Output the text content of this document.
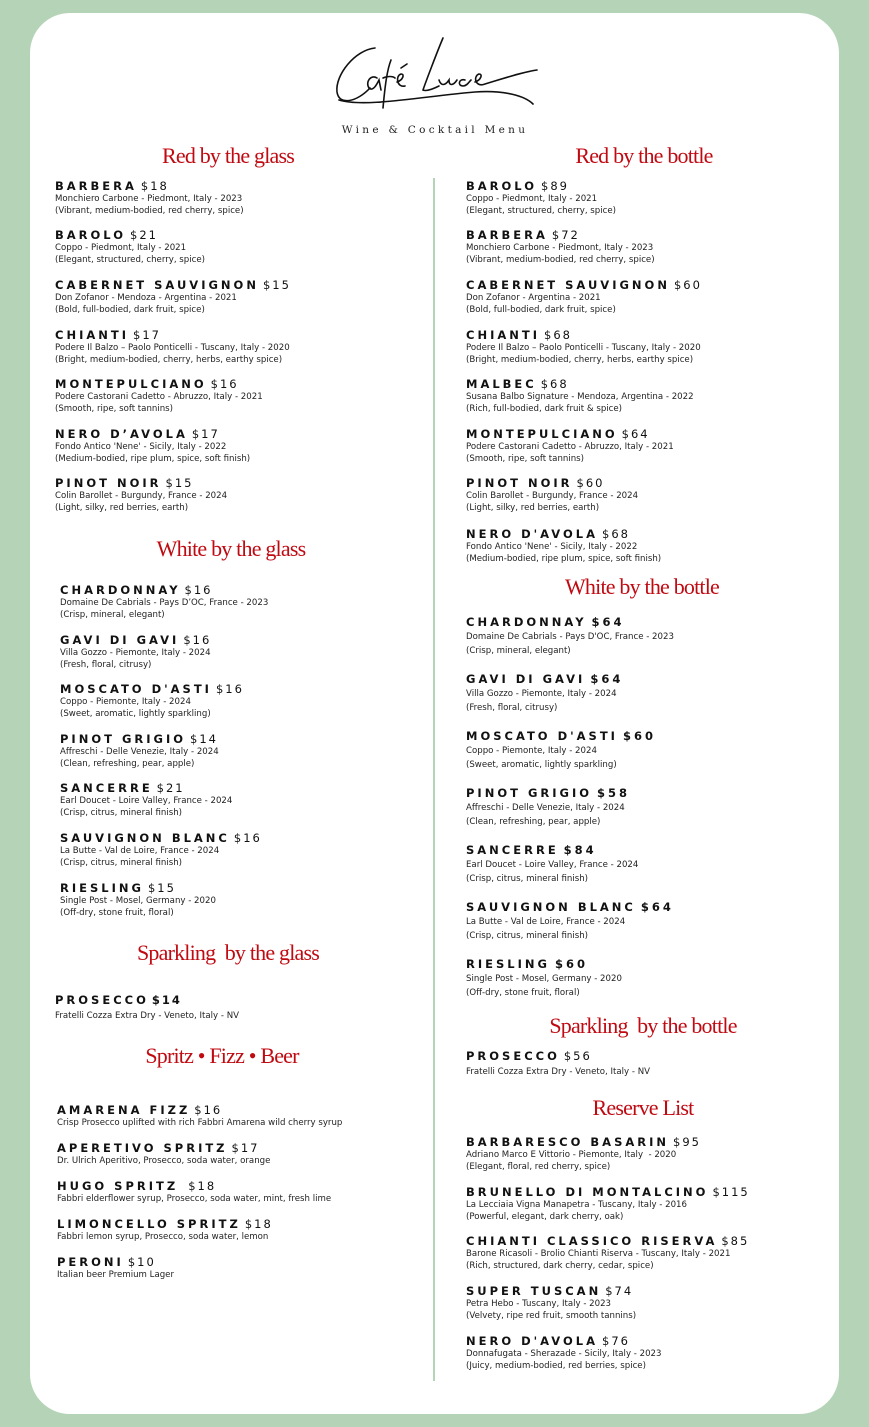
Wine & Cocktail Menu
Red by the glass
BARBERA $18
Monchiero Carbone - Piedmont, Italy - 2023
(Vibrant, medium-bodied, red cherry, spice)
BAROLO $21
Coppo - Piedmont, Italy - 2021
(Elegant, structured, cherry, spice)
CABERNET SAUVIGNON $15
Don Zofanor - Mendoza - Argentina - 2021
(Bold, full-bodied, dark fruit, spice)
CHIANTI $17
Podere Il Balzo – Paolo Ponticelli - Tuscany, Italy - 2020
(Bright, medium-bodied, cherry, herbs, earthy spice)
MONTEPULCIANO $16
Podere Castorani Cadetto - Abruzzo, Italy - 2021
(Smooth, ripe, soft tannins)
NERO D’AVOLA $17
Fondo Antico 'Nene' - Sicily, Italy - 2022
(Medium-bodied, ripe plum, spice, soft finish)
PINOT NOIR $15
Colin Barollet - Burgundy, France - 2024
(Light, silky, red berries, earth)
White by the glass
CHARDONNAY $16
Domaine De Cabrials - Pays D’OC, France - 2023
(Crisp, mineral, elegant)
GAVI DI GAVI $16
Villa Gozzo - Piemonte, Italy - 2024
(Fresh, floral, citrusy)
MOSCATO D'ASTI $16
Coppo - Piemonte, Italy - 2024
(Sweet, aromatic, lightly sparkling)
PINOT GRIGIO $14
Affreschi - Delle Venezie, Italy - 2024
(Clean, refreshing, pear, apple)
SANCERRE $21
Earl Doucet - Loire Valley, France - 2024
(Crisp, citrus, mineral finish)
SAUVIGNON BLANC $16
La Butte - Val de Loire, France - 2024
(Crisp, citrus, mineral finish)
RIESLING $15
Single Post - Mosel, Germany - 2020
(Off-dry, stone fruit, floral)
Sparkling  by the glass
PROSECCO $14
Fratelli Cozza Extra Dry - Veneto, Italy - NV
Spritz • Fizz • Beer
AMARENA FIZZ $16
Crisp Prosecco uplifted with rich Fabbri Amarena wild cherry syrup
APERETIVO SPRITZ $17
Dr. Ulrich Aperitivo, Prosecco, soda water, orange
HUGO SPRITZ $18
Fabbri elderflower syrup, Prosecco, soda water, mint, fresh lime
LIMONCELLO SPRITZ $18
Fabbri lemon syrup, Prosecco, soda water, lemon
PERONI $10
Italian beer Premium Lager
Red by the bottle
BAROLO $89
Coppo - Piedmont, Italy - 2021
(Elegant, structured, cherry, spice)
BARBERA $72
Monchiero Carbone - Piedmont, Italy - 2023
(Vibrant, medium-bodied, red cherry, spice)
CABERNET SAUVIGNON $60
Don Zofanor - Argentina - 2021
(Bold, full-bodied, dark fruit, spice)
CHIANTI $68
Podere Il Balzo – Paolo Ponticelli - Tuscany, Italy - 2020
(Bright, medium-bodied, cherry, herbs, earthy spice)
MALBEC $68
Susana Balbo Signature - Mendoza, Argentina - 2022
(Rich, full-bodied, dark fruit & spice)
MONTEPULCIANO $64
Podere Castorani Cadetto - Abruzzo, Italy - 2021
(Smooth, ripe, soft tannins)
PINOT NOIR $60
Colin Barollet - Burgundy, France - 2024
(Light, silky, red berries, earth)
NERO D'AVOLA $68
Fondo Antico 'Nene' - Sicily, Italy - 2022
(Medium-bodied, ripe plum, spice, soft finish)
White by the bottle
CHARDONNAY $64
Domaine De Cabrials - Pays D'OC, France - 2023
(Crisp, mineral, elegant)
GAVI DI GAVI $64
Villa Gozzo - Piemonte, Italy - 2024
(Fresh, floral, citrusy)
MOSCATO D'ASTI $60
Coppo - Piemonte, Italy - 2024
(Sweet, aromatic, lightly sparkling)
PINOT GRIGIO $58
Affreschi - Delle Venezie, Italy - 2024
(Clean, refreshing, pear, apple)
SANCERRE $84
Earl Doucet - Loire Valley, France - 2024
(Crisp, citrus, mineral finish)
SAUVIGNON BLANC $64
La Butte - Val de Loire, France - 2024
(Crisp, citrus, mineral finish)
RIESLING $60
Single Post - Mosel, Germany - 2020
(Off-dry, stone fruit, floral)
Sparkling  by the bottle
PROSECCO $56
Fratelli Cozza Extra Dry - Veneto, Italy - NV
Reserve List
BARBARESCO BASARIN $95
Adriano Marco E Vittorio - Piemonte, Italy  - 2020
(Elegant, floral, red cherry, spice)
BRUNELLO DI MONTALCINO $115
La Lecciaia Vigna Manapetra - Tuscany, Italy - 2016
(Powerful, elegant, dark cherry, oak)
CHIANTI CLASSICO RISERVA $85
Barone Ricasoli - Brolio Chianti Riserva - Tuscany, Italy - 2021
(Rich, structured, dark cherry, cedar, spice)
SUPER TUSCAN $74
Petra Hebo - Tuscany, Italy - 2023
(Velvety, ripe red fruit, smooth tannins)
NERO D'AVOLA $76
Donnafugata - Sherazade - Sicily, Italy - 2023
(Juicy, medium-bodied, red berries, spice)
